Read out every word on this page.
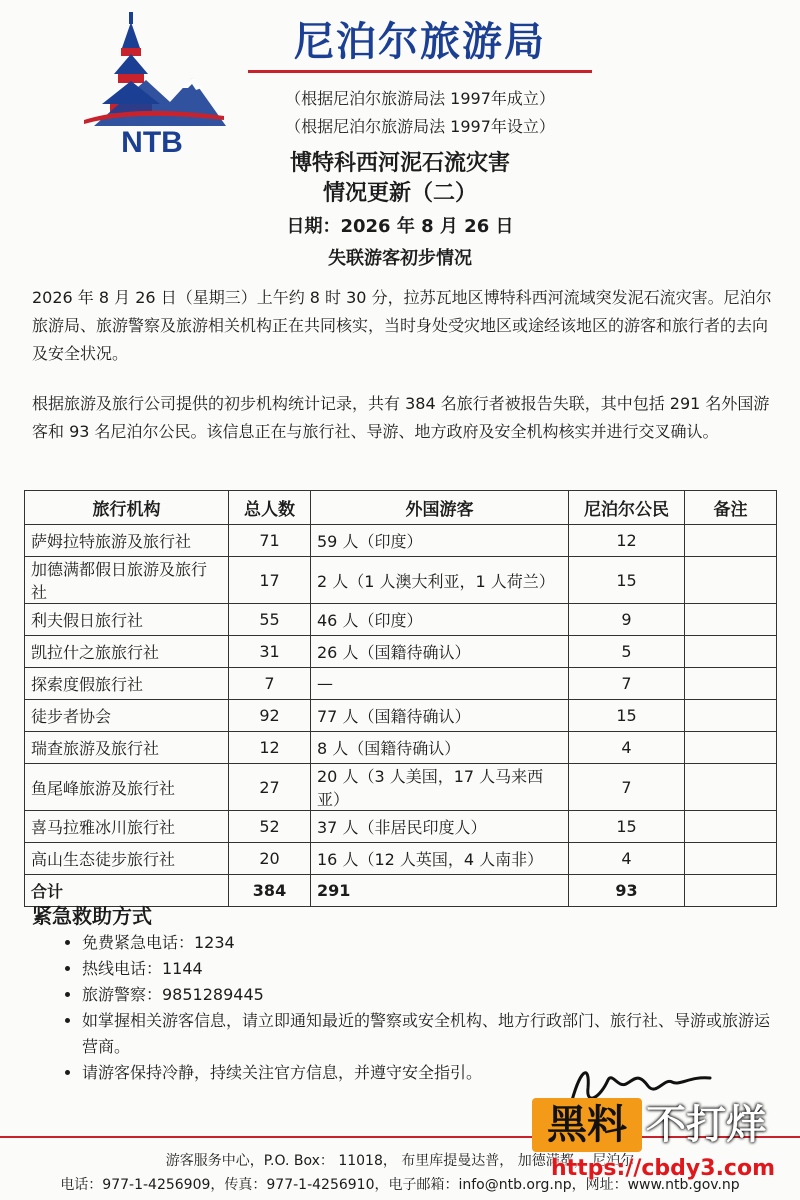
NTB
尼泊尔旅游局
（根据尼泊尔旅游局法 1997年成立）
（根据尼泊尔旅游局法 1997年设立）
博特科西河泥石流灾害
情况更新（二）
日期：2026 年 8 月 26 日
失联游客初步情况

2026 年 8 月 26 日（星期三）上午约 8 时 30 分，拉苏瓦地区博特科西河流域突发泥石流灾害。尼泊尔旅游局、旅游警察及旅游相关机构正在共同核实，当时身处受灾地区或途经该地区的游客和旅行者的去向及安全状况。

根据旅游及旅行公司提供的初步机构统计记录，共有 384 名旅行者被报告失联，其中包括 291 名外国游客和 93 名尼泊尔公民。该信息正在与旅行社、导游、地方政府及安全机构核实并进行交叉确认。

旅行机构	总人数	外国游客	尼泊尔公民	备注
萨姆拉特旅游及旅行社	71	59 人（印度）	12	
加德满都假日旅游及旅行社	17	2 人（1 人澳大利亚，1 人荷兰）	15	
利夫假日旅行社	55	46 人（印度）	9	
凯拉什之旅旅行社	31	26 人（国籍待确认）	5	
探索度假旅行社	7	—	7	
徒步者协会	92	77 人（国籍待确认）	15	
瑞查旅游及旅行社	12	8 人（国籍待确认）	4	
鱼尾峰旅游及旅行社	27	20 人（3 人美国，17 人马来西亚）	7	
喜马拉雅冰川旅行社	52	37 人（非居民印度人）	15	
高山生态徒步旅行社	20	16 人（12 人英国，4 人南非）	4	
合计	384	291	93	
紧急救助方式
• 免费紧急电话：1234
• 热线电话：1144
• 旅游警察：9851289445
• 如掌握相关游客信息，请立即通知最近的警察或安全机构、地方行政部门、旅行社、导游或旅游运营商。
• 请游客保持冷静，持续关注官方信息，并遵守安全指引。
游客服务中心，P.O. Box： 11018， 布里库提曼达普， 加德满都， 尼泊尔
电话：977-1-4256909，传真：977-1-4256910，电子邮箱：info@ntb.org.np，网址：www.ntb.gov.np
黑料 不打烊
https://cbdy3.com
